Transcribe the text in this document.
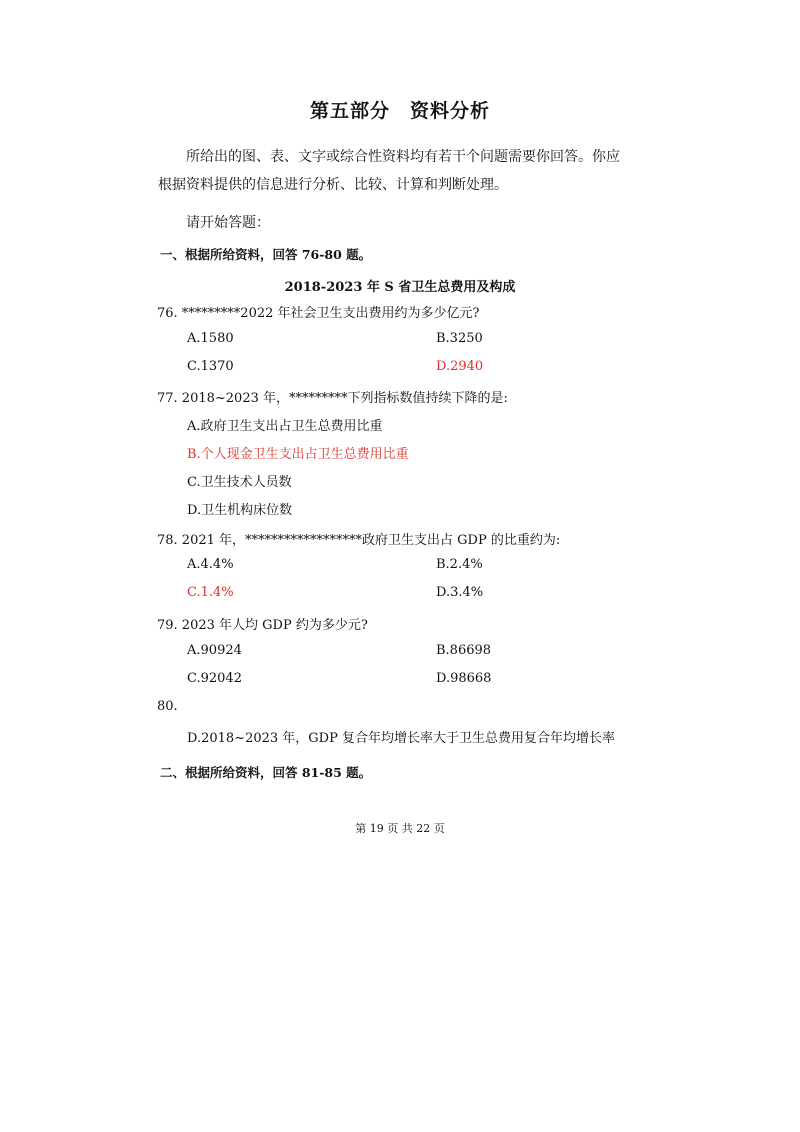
第五部分　资料分析
所给出的图、表、文字或综合性资料均有若干个问题需要你回答。你应
根据资料提供的信息进行分析、比较、计算和判断处理。
请开始答题：
一、根据所给资料，回答 76-80 题。
2018-2023 年 S 省卫生总费用及构成
76. *********2022 年社会卫生支出费用约为多少亿元?
A.1580	B.3250
C.1370	D.2940
77. 2018~2023 年，*********下列指标数值持续下降的是:
A.政府卫生支出占卫生总费用比重
B.个人现金卫生支出占卫生总费用比重
C.卫生技术人员数
D.卫生机构床位数
78. 2021 年，******************政府卫生支出占 GDP 的比重约为:
A.4.4%	B.2.4%
C.1.4%	D.3.4%
79. 2023 年人均 GDP 约为多少元?
A.90924	B.86698
C.92042	D.98668
80.
D.2018~2023 年，GDP 复合年均增长率大于卫生总费用复合年均增长率
二、根据所给资料，回答 81-85 题。
第 19 页 共 22 页
